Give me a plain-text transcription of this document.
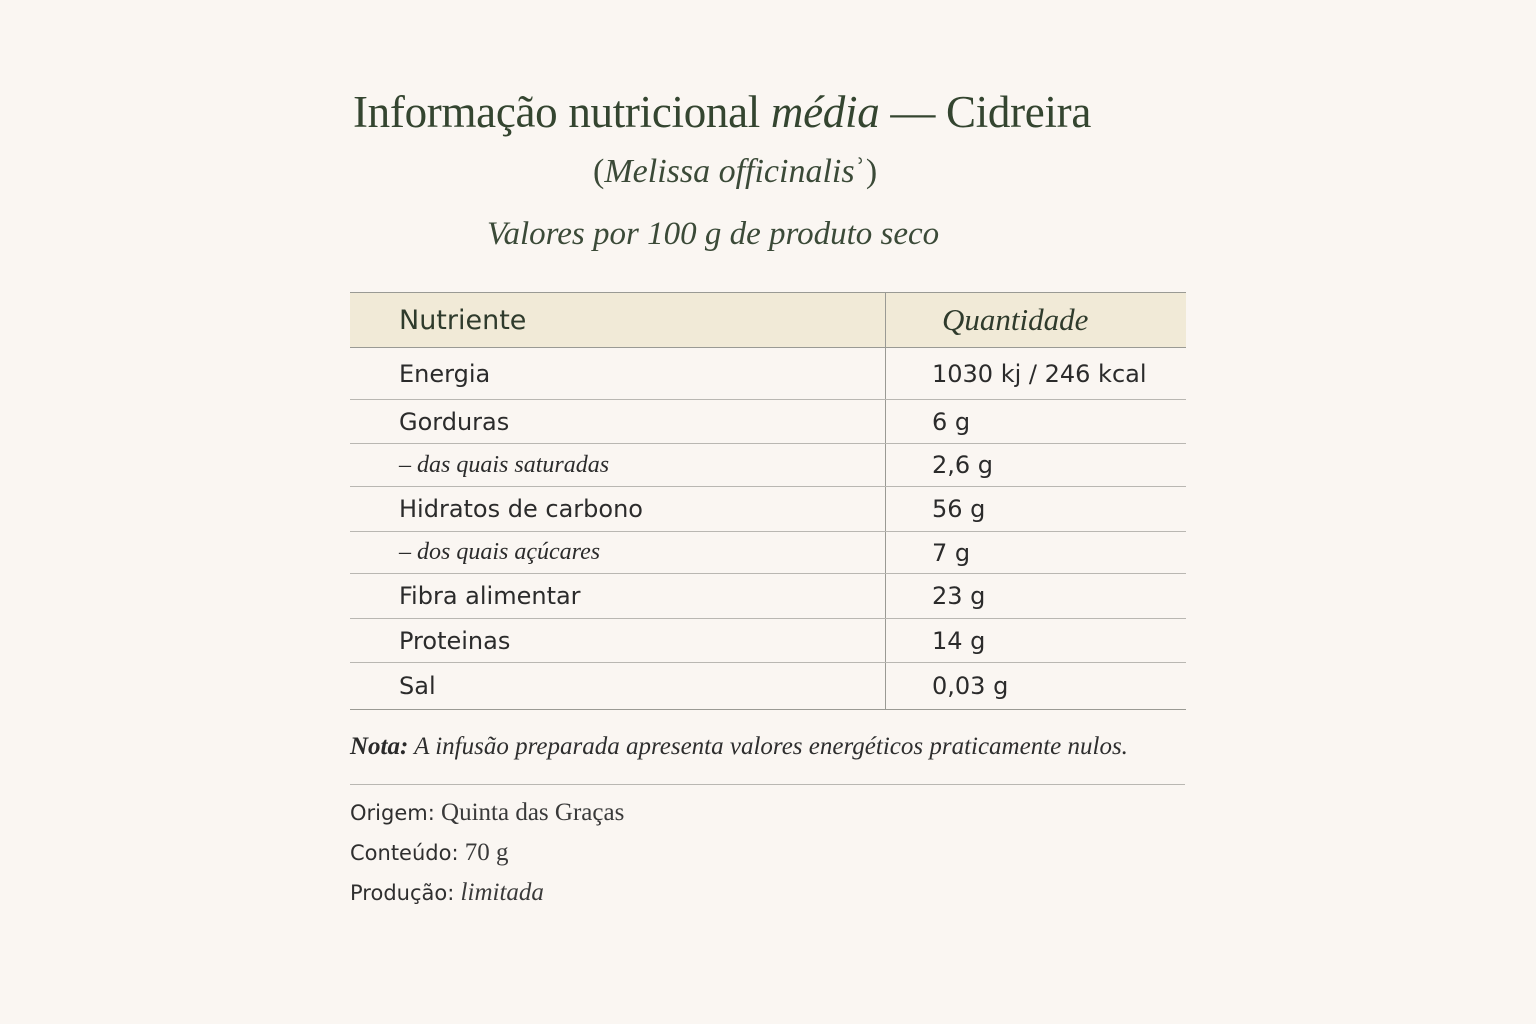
Informação nutricional média — Cidreira
(Melissa officinalisʾ)
Valores por 100 g de produto seco
Nutriente	Quantidade
Energia	1030 kj / 246 kcal
Gorduras	6 g
– das quais saturadas	2,6 g
Hidratos de carbono	56 g
– dos quais açúcares	7 g
Fibra alimentar	23 g
Proteinas	14 g
Sal	0,03 g
Nota: A infusão preparada apresenta valores energéticos praticamente nulos.
Origem: Quinta das Graças
Conteúdo: 70 g
Produção: limitada
